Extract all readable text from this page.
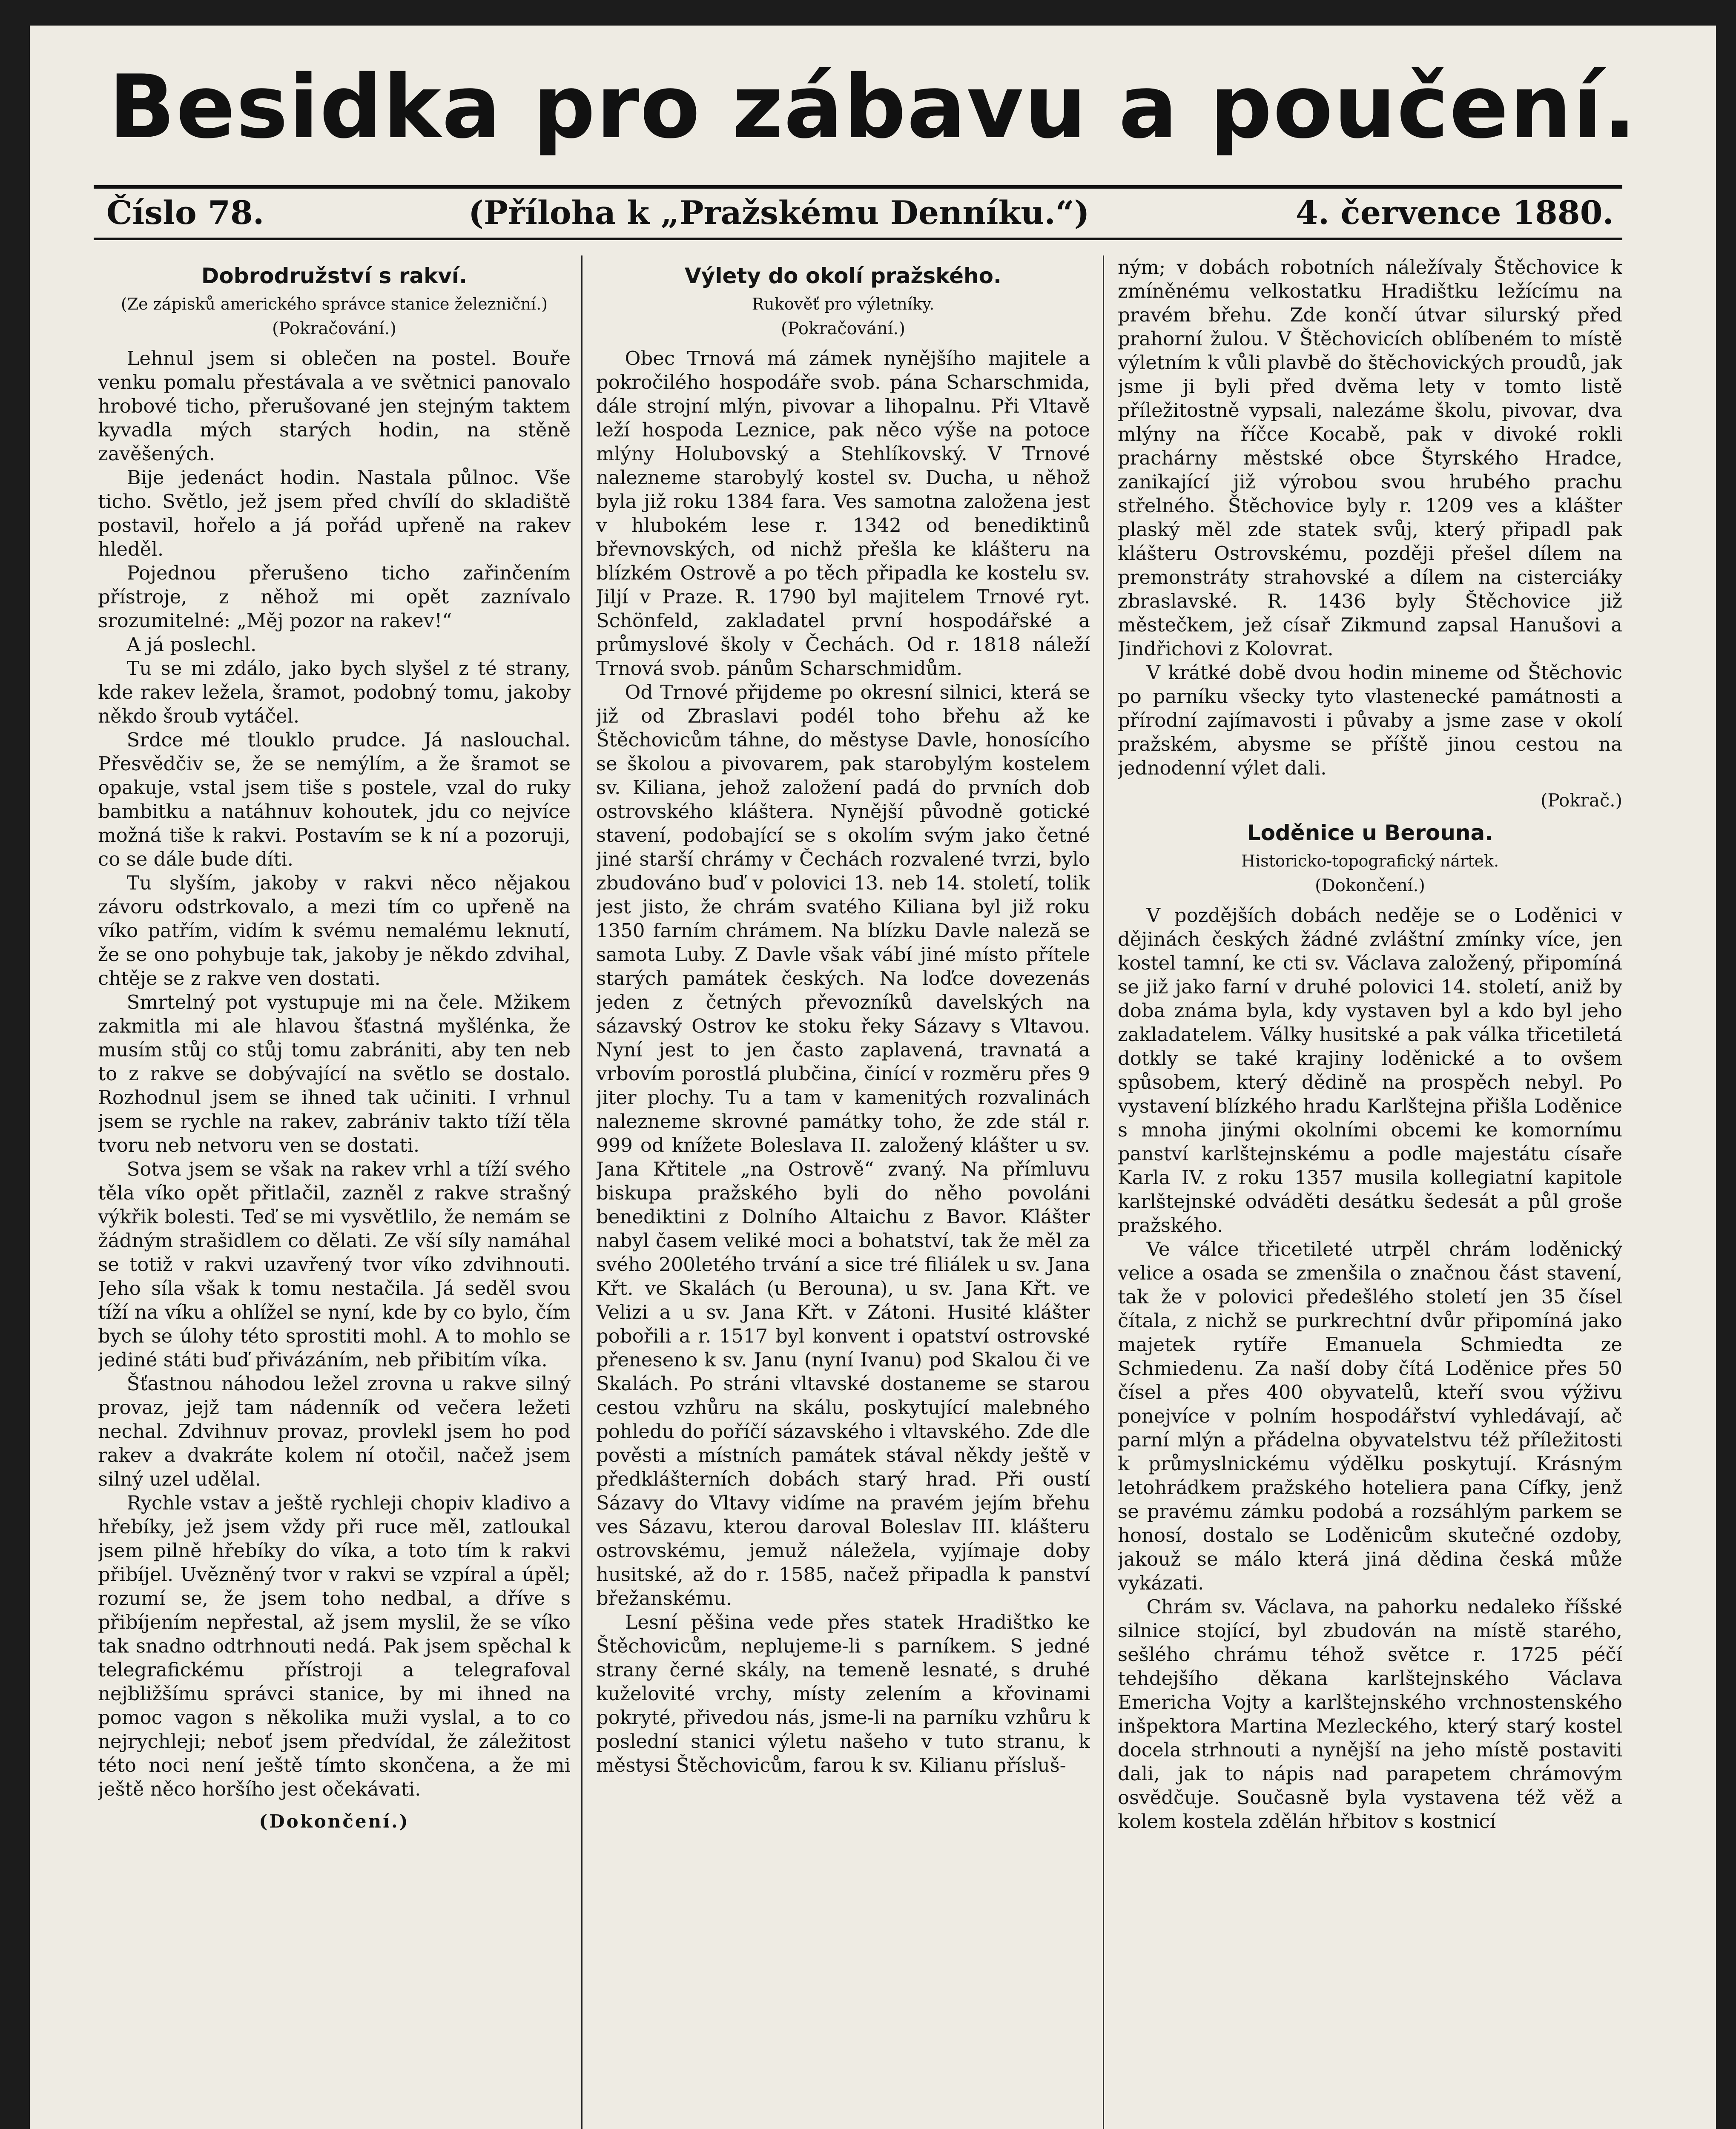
Besidka pro zábavu a poučení.
Číslo 78.	(Příloha k „Pražskému Denníku.“)	4. července 1880.
Dobrodružství s rakví.
(Ze zápisků amerického správce stanice železniční.)
(Pokračování.)

Lehnul jsem si oblečen na postel. Bouře venku pomalu přestávala a ve světnici panovalo hrobové ticho, přerušované jen stejným taktem kyvadla mých starých hodin, na stěně zavěšených.

Bije jedenáct hodin. Nastala půlnoc. Vše ticho. Světlo, jež jsem před chvílí do skladiště postavil, hořelo a já pořád upřeně na rakev hleděl.

Pojednou přerušeno ticho zařinčením přístroje, z něhož mi opět zaznívalo srozumitelné: „Měj pozor na rakev!“

A já poslechl.

Tu se mi zdálo, jako bych slyšel z té strany, kde rakev ležela, šramot, podobný tomu, jakoby někdo šroub vytáčel.

Srdce mé tlouklo prudce. Já naslouchal. Přesvědčiv se, že se nemýlím, a že šramot se opakuje, vstal jsem tiše s postele, vzal do ruky bambitku a natáhnuv kohoutek, jdu co nejvíce možná tiše k rakvi. Postavím se k ní a pozoruji, co se dále bude díti.

Tu slyším, jakoby v rakvi něco nějakou závoru odstrkovalo, a mezi tím co upřeně na víko patřím, vidím k svému nemalému leknutí, že se ono pohybuje tak, jakoby je někdo zdvihal, chtěje se z rakve ven dostati.

Smrtelný pot vystupuje mi na čele. Mžikem zakmitla mi ale hlavou šťastná myšlénka, že musím stůj co stůj tomu zabrániti, aby ten neb to z rakve se dobývající na světlo se dostalo. Rozhodnul jsem se ihned tak učiniti. I vrhnul jsem se rychle na rakev, zabrániv takto tíží těla tvoru neb netvoru ven se dostati.

Sotva jsem se však na rakev vrhl a tíží svého těla víko opět přitlačil, zazněl z rakve strašný výkřik bolesti. Teď se mi vysvětlilo, že nemám se žádným strašidlem co dělati. Ze vší síly namáhal se totiž v rakvi uzavřený tvor víko zdvihnouti. Jeho síla však k tomu nestačila. Já seděl svou tíží na víku a ohlížel se nyní, kde by co bylo, čím bych se úlohy této sprostiti mohl. A to mohlo se jediné státi buď přivázáním, neb přibitím víka.

Šťastnou náhodou ležel zrovna u rakve silný provaz, jejž tam nádenník od večera ležeti nechal. Zdvihnuv provaz, provlekl jsem ho pod rakev a dvakráte kolem ní otočil, načež jsem silný uzel udělal.

Rychle vstav a ještě rychleji chopiv kladivo a hřebíky, jež jsem vždy při ruce měl, zatloukal jsem pilně hřebíky do víka, a toto tím k rakvi přibíjel. Uvězněný tvor v rakvi se vzpíral a úpěl; rozumí se, že jsem toho nedbal, a dříve s přibíjením nepřestal, až jsem myslil, že se víko tak snadno odtrhnouti nedá. Pak jsem spěchal k telegrafickému přístroji a telegrafoval nejbližšímu správci stanice, by mi ihned na pomoc vagon s několika muži vyslal, a to co nejrychleji; neboť jsem předvídal, že záležitost této noci není ještě tímto skončena, a že mi ještě něco horšího jest očekávati.

(Dokončení.)
Výlety do okolí pražského.
Rukověť pro výletníky.
(Pokračování.)

Obec Trnová má zámek nynějšího majitele a pokročilého hospodáře svob. pána Scharschmida, dále strojní mlýn, pivovar a lihopalnu. Při Vltavě leží hospoda Leznice, pak něco výše na potoce mlýny Holubovský a Stehlíkovský. V Trnové nalezneme starobylý kostel sv. Ducha, u něhož byla již roku 1384 fara. Ves samotna založena jest v hlubokém lese r. 1342 od benediktinů břevnovských, od nichž přešla ke klášteru na blízkém Ostrově a po těch připadla ke kostelu sv. Jiljí v Praze. R. 1790 byl majitelem Trnové ryt. Schönfeld, zakladatel první hospodářské a průmyslové školy v Čechách. Od r. 1818 náleží Trnová svob. pánům Scharschmidům.

Od Trnové přijdeme po okresní silnici, která se již od Zbraslavi podél toho břehu až ke Štěchovicům táhne, do městyse Davle, honosícího se školou a pivovarem, pak starobylým kostelem sv. Kiliana, jehož založení padá do prvních dob ostrovského kláštera. Nynější původně gotické stavení, podobající se s okolím svým jako četné jiné starší chrámy v Čechách rozvalené tvrzi, bylo zbudováno buď v polovici 13. neb 14. století, tolik jest jisto, že chrám svatého Kiliana byl již roku 1350 farním chrámem. Na blízku Davle naleză se samota Luby. Z Davle však vábí jiné místo přítele starých památek českých. Na loďce dovezenás jeden z četných převozníků davelských na sázavský Ostrov ke stoku řeky Sázavy s Vltavou. Nyní jest to jen často zaplavená, travnatá a vrbovím porostlá plubčina, činící v rozměru přes 9 jiter plochy. Tu a tam v kamenitých rozvalinách nalezneme skrovné památky toho, že zde stál r. 999 od knížete Boleslava II. založený klášter u sv. Jana Křtitele „na Ostrově“ zvaný. Na přímluvu biskupa pražského byli do něho povoláni benediktini z Dolního Altaichu z Bavor. Klášter nabyl časem veliké moci a bohatství, tak že měl za svého 200letého trvání a sice tré filiálek u sv. Jana Křt. ve Skalách (u Berouna), u sv. Jana Křt. ve Velizi a u sv. Jana Křt. v Zátoni. Husité klášter pobořili a r. 1517 byl konvent i opatství ostrovské přeneseno k sv. Janu (nyní Ivanu) pod Skalou či ve Skalách. Po stráni vltavské dostaneme se starou cestou vzhůru na skálu, poskytující malebného pohledu do poříčí sázavského i vltavského. Zde dle pověsti a místních památek stával někdy ještě v předklášterních dobách starý hrad. Při oustí Sázavy do Vltavy vidíme na pravém jejím břehu ves Sázavu, kterou daroval Boleslav III. klášteru ostrovskému, jemuž náležela, vyjímaje doby husitské, až do r. 1585, načež připadla k panství břežanskému.

Lesní pěšina vede přes statek Hradištko ke Štěchovicům, neplujeme-li s parníkem. S jedné strany černé skály, na temeně lesnaté, s druhé kuželovité vrchy, místy zelením a křovinami pokryté, přivedou nás, jsme-li na parníku vzhůru k poslední stanici výletu našeho v tuto stranu, k městysi Štěchovicům, farou k sv. Kilianu přísluš-

ným; v dobách robotních náležívaly Štěchovice k zmíněnému velkostatku Hradištku ležícímu na pravém břehu. Zde končí útvar silurský před prahorní žulou. V Štěchovicích oblíbeném to místě výletním k vůli plavbě do štěchovických proudů, jak jsme ji byli před dvěma lety v tomto listě příležitostně vypsali, nalezáme školu, pivovar, dva mlýny na říčce Kocabě, pak v divoké rokli prachárny městské obce Štyrského Hradce, zanikající již výrobou svou hrubého prachu střelného. Štěchovice byly r. 1209 ves a klášter plaský měl zde statek svůj, který připadl pak klášteru Ostrovskému, později přešel dílem na premonstráty strahovské a dílem na cisterciáky zbraslavské. R. 1436 byly Štěchovice již městečkem, jež císař Zikmund zapsal Hanušovi a Jindřichovi z Kolovrat.

V krátké době dvou hodin mineme od Štěchovic po parníku všecky tyto vlastenecké památnosti a přírodní zajímavosti i půvaby a jsme zase v okolí pražském, abysme se příště jinou cestou na jednodenní výlet dali.

(Pokrač.)
Loděnice u Berouna.
Historicko-topografický nártek.
(Dokončení.)

V pozdějších dobách neděje se o Loděnici v dějinách českých žádné zvláštní zmínky více, jen kostel tamní, ke cti sv. Václava založený, připomíná se již jako farní v druhé polovici 14. století, aniž by doba známa byla, kdy vystaven byl a kdo byl jeho zakladatelem. Války husitské a pak válka třicetiletá dotkly se také krajiny loděnické a to ovšem spůsobem, který dědině na prospěch nebyl. Po vystavení blízkého hradu Karlštejna přišla Loděnice s mnoha jinými okolními obcemi ke komornímu panství karlštejnskému a podle majestátu císaře Karla IV. z roku 1357 musila kollegiatní kapitole karlštejnské odváděti desátku šedesát a půl groše pražského.

Ve válce třicetileté utrpěl chrám loděnický velice a osada se zmenšila o značnou část stavení, tak že v polovici předešlého století jen 35 čísel čítala, z nichž se purkrechtní dvůr připomíná jako majetek rytíře Emanuela Schmiedta ze Schmiedenu. Za naší doby čítá Loděnice přes 50 čísel a přes 400 obyvatelů, kteří svou výživu ponejvíce v polním hospodářství vyhledávají, ač parní mlýn a přádelna obyvatelstvu též příležitosti k průmyslnickému výdělku poskytují. Krásným letohrádkem pražského hoteliera pana Cífky, jenž se pravému zámku podobá a rozsáhlým parkem se honosí, dostalo se Loděnicům skutečné ozdoby, jakouž se málo která jiná dědina česká může vykázati.

Chrám sv. Václava, na pahorku nedaleko říšské silnice stojící, byl zbudován na místě starého, sešlého chrámu téhož světce r. 1725 péčí tehdejšího děkana karlštejnského Václava Emericha Vojty a karlštejnského vrchnostenského inšpektora Martina Mezleckého, který starý kostel docela strhnouti a nynější na jeho místě postaviti dali, jak to nápis nad parapetem chrámovým osvědčuje. Současně byla vystavena též věž a kolem kostela zdělán hřbitov s kostnicí
